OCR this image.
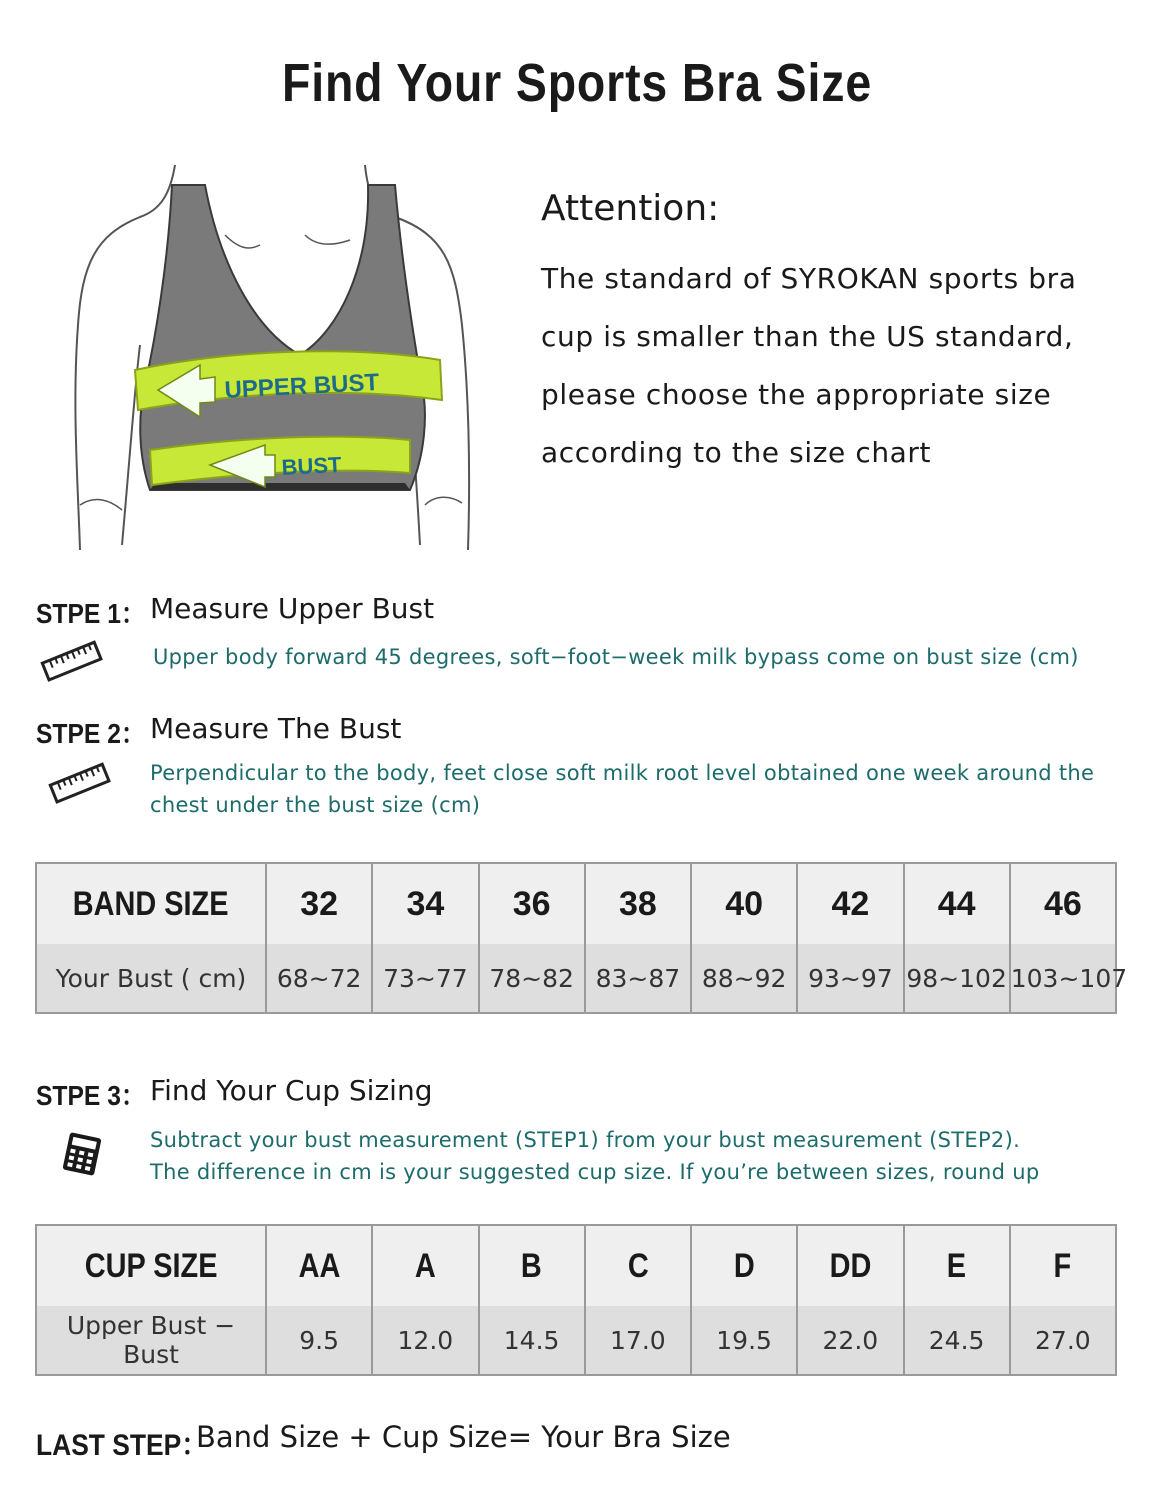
Find Your Sports Bra Size
UPPER BUST
BUST
Attention:
The standard of SYROKAN sports bra cup is smaller than the US standard, please choose the appropriate size according to the size chart
STPE 1： Measure Upper Bust
Upper body forward 45 degrees, soft−foot−week milk bypass come on bust size (cm)
STPE 2： Measure The Bust
Perpendicular to the body, feet close soft milk root level obtained one week around the chest under the bust size (cm)
BAND SIZE	32	34	36	38	40	42	44	46
Your Bust ( cm)	68~72	73~77	78~82	83~87	88~92	93~97	98~102	103~107
STPE 3： Find Your Cup Sizing
Subtract your bust measurement (STEP1) from your bust measurement (STEP2).
The difference in cm is your suggested cup size. If you’re between sizes, round up
CUP SIZE	AA	A	B	C	D	DD	E	F
Upper Bust − Bust	9.5	12.0	14.5	17.0	19.5	22.0	24.5	27.0
LAST STEP：
Band Size + Cup Size= Your Bra Size
